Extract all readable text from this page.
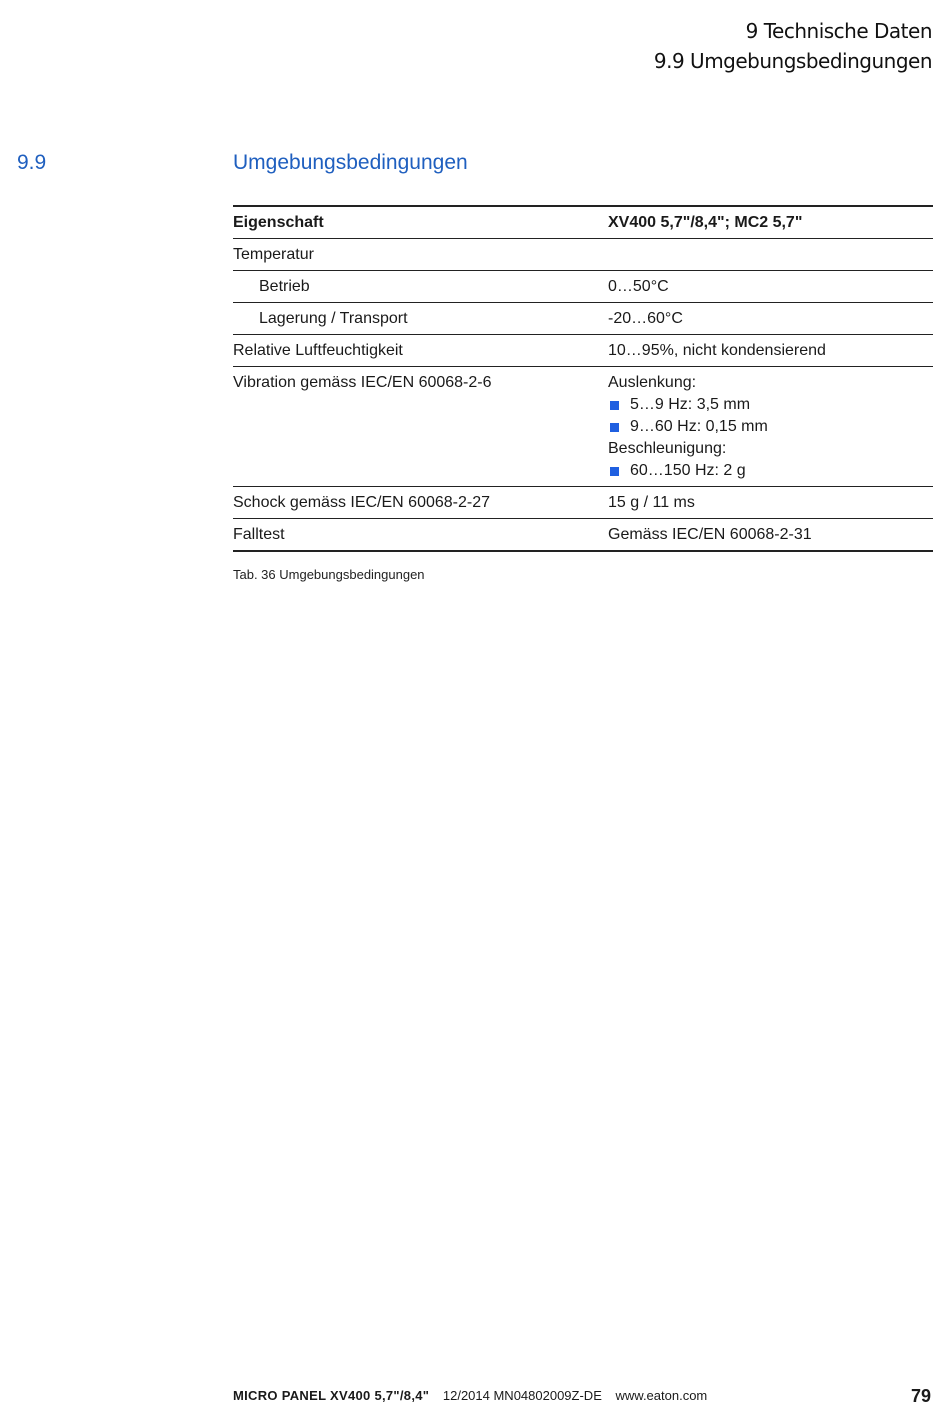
9 Technische Daten
9.9 Umgebungsbedingungen
9.9	Umgebungsbedingungen
Eigenschaft	XV400 5,7"/8,4"; MC2 5,7"
Temperatur	
Betrieb	0…50°C
Lagerung / Transport	-20…60°C
Relative Luftfeuchtigkeit	10…95%, nicht kondensierend
Vibration gemäss IEC/EN 60068-2-6	Auslenkung:
5…9 Hz: 3,5 mm
9…60 Hz: 0,15 mm
Beschleunigung:
60…150 Hz: 2 g

Schock gemäss IEC/EN 60068-2-27	15 g / 11 ms
Falltest	Gemäss IEC/EN 60068-2-31
Tab. 36 Umgebungsbedingungen
MICRO PANEL XV400 5,7"/8,4" 12/2014 MN04802009Z-DE www.eaton.com	79
